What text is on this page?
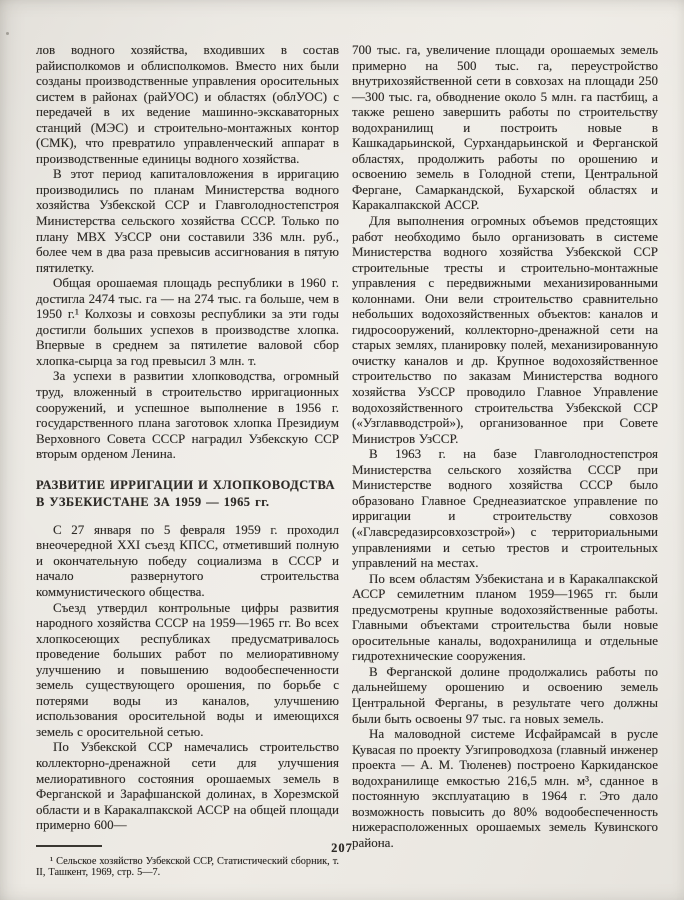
лов водного хозяйства, входивших в состав райисполкомов и облисполкомов. Вместо них были созданы производственные управления оросительных систем в районах (райУОС) и областях (облУОС) с передачей в их ведение машинно-экскаваторных станций (МЭС) и строительно-монтажных контор (СМК), что превратило управленческий аппарат в производственные единицы водного хозяйства.

В этот период капиталовложения в ирригацию производились по планам Министерства водного хозяйства Узбекской ССР и Главголодностепстроя Министерства сельского хозяйства СССР. Только по плану МВХ УзССР они составили 336 млн. руб., более чем в два раза превысив ассигнования в пятую пятилетку.

Общая орошаемая площадь республики в 1960 г. достигла 2474 тыс. га — на 274 тыс. га больше, чем в 1950 г.¹ Колхозы и совхозы республики за эти годы достигли больших успехов в производстве хлопка. Впервые в среднем за пятилетие валовой сбор хлопка-сырца за год превысил 3 млн. т.

За успехи в развитии хлопководства, огромный труд, вложенный в строительство ирригационных сооружений, и успешное выполнение в 1956 г. государственного плана заготовок хлопка Президиум Верховного Совета СССР наградил Узбекскую ССР вторым орденом Ленина.

РАЗВИТИЕ ИРРИГАЦИИ И ХЛОПКОВОДСТВА
В УЗБЕКИСТАНЕ ЗА 1959 — 1965 гг.

С 27 января по 5 февраля 1959 г. проходил внеочередной XXI съезд КПСС, отметивший полную и окончательную победу социализма в СССР и начало развернутого строительства коммунистического общества.

Съезд утвердил контрольные цифры развития народного хозяйства СССР на 1959—1965 гг. Во всех хлопкосеющих республиках предусматривалось проведение больших работ по мелиоративному улучшению и повышению водообеспеченности земель существующего орошения, по борьбе с потерями воды из каналов, улучшению использования оросительной воды и имеющихся земель с оросительной сетью.

По Узбекской ССР намечались строительство коллекторно-дренажной сети для улучшения мелиоративного состояния орошаемых земель в Ферганской и Зарафшанской долинах, в Хорезмской области и в Каракалпакской АССР на общей площади примерно 600—

¹ Сельское хозяйство Узбекской ССР, Статистический сборник, т. II, Ташкент, 1969, стр. 5—7.

700 тыс. га, увеличение площади орошаемых земель примерно на 500 тыс. га, переустройство внутрихозяйственной сети в совхозах на площади 250—300 тыс. га, обводнение около 5 млн. га пастбищ, а также решено завершить работы по строительству водохранилищ и построить новые в Кашкадарьинской, Сурхандарьинской и Ферганской областях, продолжить работы по орошению и освоению земель в Голодной степи, Центральной Фергане, Самаркандской, Бухарской областях и Каракалпакской АССР.

Для выполнения огромных объемов предстоящих работ необходимо было организовать в системе Министерства водного хозяйства Узбекской ССР строительные тресты и строительно-монтажные управления с передвижными механизированными колоннами. Они вели строительство сравнительно небольших водохозяйственных объектов: каналов и гидросооружений, коллекторно-дренажной сети на старых землях, планировку полей, механизированную очистку каналов и др. Крупное водохозяйственное строительство по заказам Министерства водного хозяйства УзССР проводило Главное Управление водохозяйственного строительства Узбекской ССР («Узглавводстрой»), организованное при Совете Министров УзССР.

В 1963 г. на базе Главголодностепстроя Министерства сельского хозяйства СССР при Министерстве водного хозяйства СССР было образовано Главное Среднеазиатское управление по ирригации и строительству совхозов («Главсредазирсовхозстрой») с территориальными управлениями и сетью трестов и строительных управлений на местах.

По всем областям Узбекистана и в Каракалпакской АССР семилетним планом 1959—1965 гг. были предусмотрены крупные водохозяйственные работы. Главными объектами строительства были новые оросительные каналы, водохранилища и отдельные гидротехнические сооружения.

В Ферганской долине продолжались работы по дальнейшему орошению и освоению земель Центральной Ферганы, в результате чего должны были быть освоены 97 тыс. га новых земель.

На маловодной системе Исфайрамсай в русле Кувасая по проекту Узгипроводхоза (главный инженер проекта — А. М. Тюленев) построено Каркиданское водохранилище емкостью 216,5 млн. м³, сданное в постоянную эксплуатацию в 1964 г. Это дало возможность повысить до 80% водообеспеченность нижерасположенных орошаемых земель Кувинского района.

207
